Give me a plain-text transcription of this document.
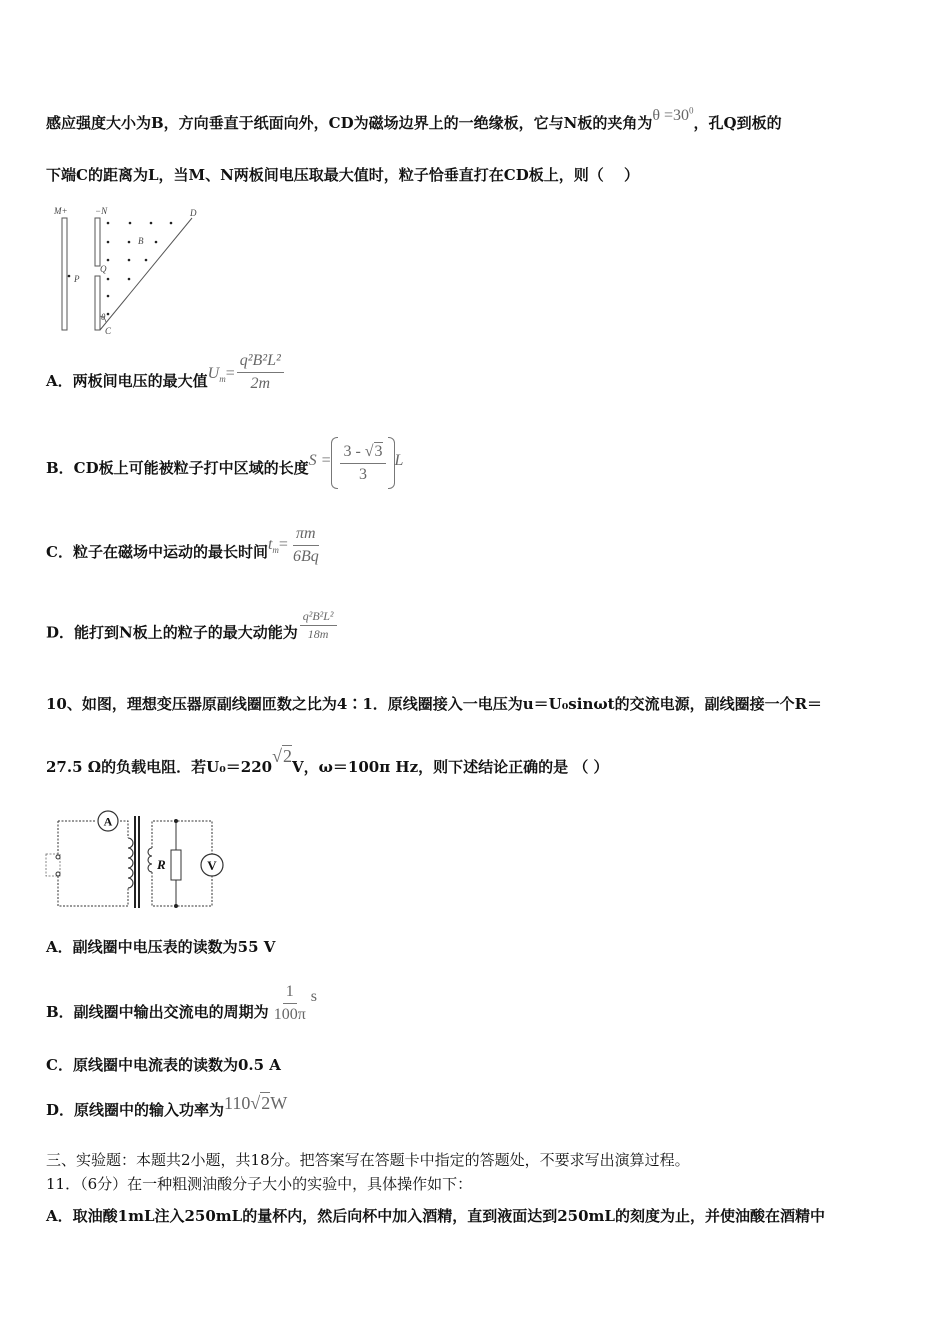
感应强度大小为B，方向垂直于纸面向外，CD为磁场边界上的一绝缘板，它与N板的夹角为$\theta =30^0$，孔Q到板的
下端C的距离为L，当M、N两板间电压取最大值时，粒子恰垂直打在CD板上，则（　 ）
M+	−N	D
B
P
Q
θ
C
A．两板间电压的最大值$U_m= \frac{\text{q²B²L²}}{2m}$
B．CD板上可能被粒子打中区域的长度$S = \frac{3 - √3}{3}$ L
C．粒子在磁场中运动的最长时间$t_m= \frac{\pi m}{6Bq}$
D．能打到N板上的粒子的最大动能为 $\frac{\text{q²B²L²}}{18m}$
10、如图，理想变压器原副线圈匝数之比为4∶1．原线圈接入一电压为u＝U₀sinωt的交流电源，副线圈接一个R＝
27.5 Ω的负载电阻．若U₀＝220√2V，ω＝100π Hz，则下述结论正确的是 （ ）
A
R	V
A．副线圈中电压表的读数为55 V
B．副线圈中输出交流电的周期为 $\frac{1}{100\pi}$ s
C．原线圈中电流表的读数为0.5 A
D．原线圈中的输入功率为110√2W
三、实验题：本题共2小题，共18分。把答案写在答题卡中指定的答题处，不要求写出演算过程。
11．（6分）在一种粗测油酸分子大小的实验中，具体操作如下：
A．取油酸1mL注入250mL的量杯内，然后向杯中加入酒精，直到液面达到250mL的刻度为止，并使油酸在酒精中
